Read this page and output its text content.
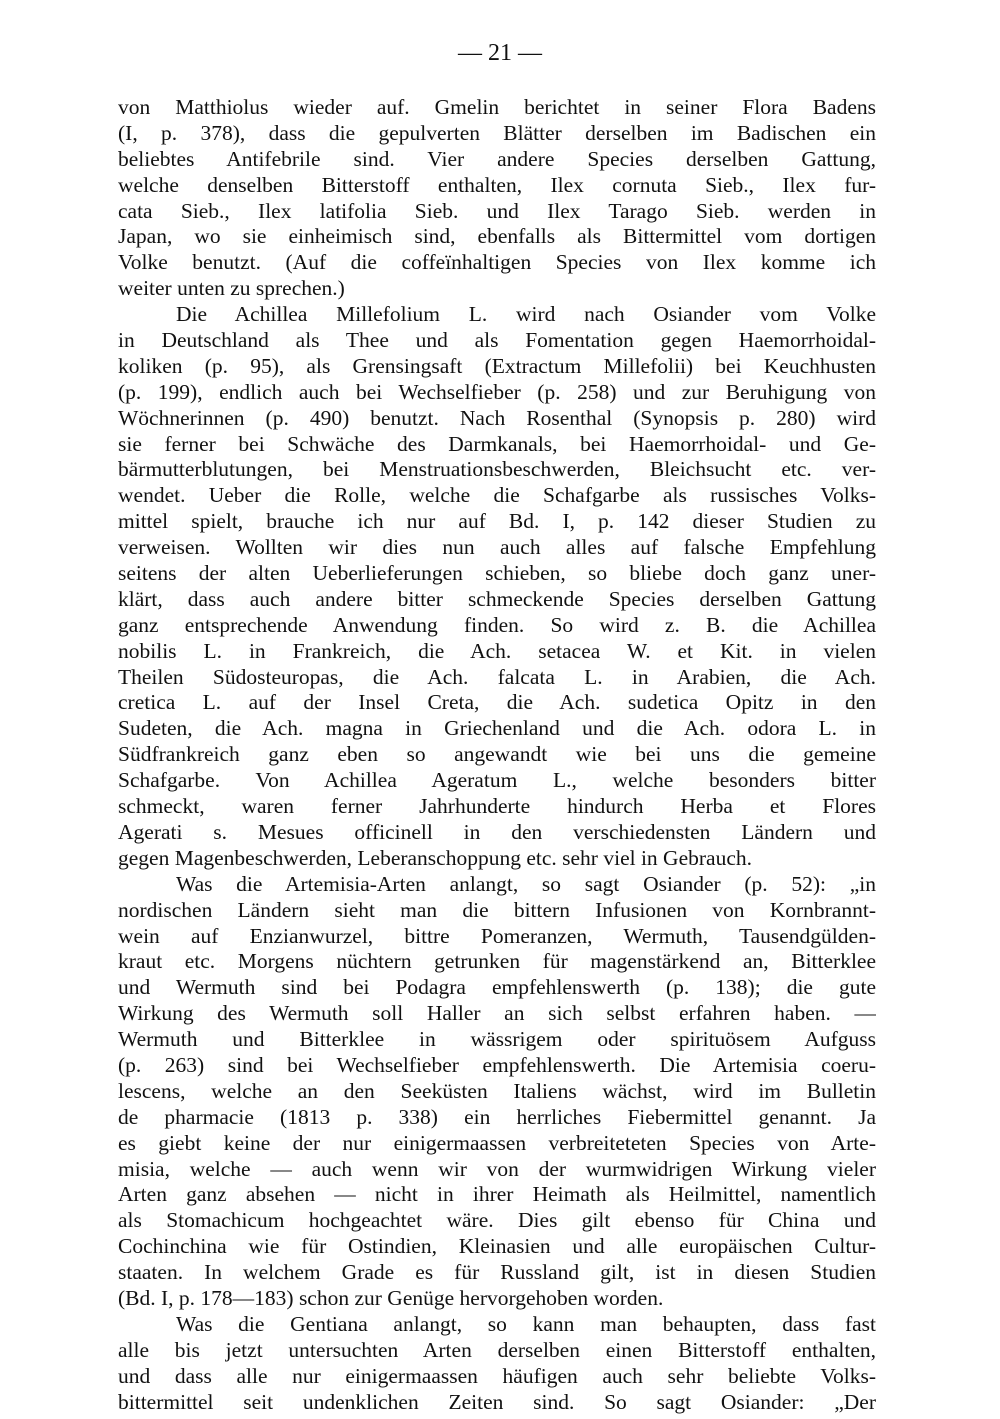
— 21 —
von Matthiolus wieder auf. Gmelin berichtet in seiner Flora Badens
(I, p. 378), dass die gepulverten Blätter derselben im Badischen ein
beliebtes Antifebrile sind. Vier andere Species derselben Gattung,
welche denselben Bitterstoff enthalten, Ilex cornuta Sieb., Ilex fur-
cata Sieb., Ilex latifolia Sieb. und Ilex Tarago Sieb. werden in
Japan, wo sie einheimisch sind, ebenfalls als Bittermittel vom dortigen
Volke benutzt. (Auf die coffeïnhaltigen Species von Ilex komme ich
weiter unten zu sprechen.)
Die Achillea Millefolium L. wird nach Osiander vom Volke
in Deutschland als Thee und als Fomentation gegen Haemorrhoidal-
koliken (p. 95), als Grensingsaft (Extractum Millefolii) bei Keuchhusten
(p. 199), endlich auch bei Wechselfieber (p. 258) und zur Beruhigung von
Wöchnerinnen (p. 490) benutzt. Nach Rosenthal (Synopsis p. 280) wird
sie ferner bei Schwäche des Darmkanals, bei Haemorrhoidal- und Ge-
bärmutterblutungen, bei Menstruationsbeschwerden, Bleichsucht etc. ver-
wendet. Ueber die Rolle, welche die Schafgarbe als russisches Volks-
mittel spielt, brauche ich nur auf Bd. I, p. 142 dieser Studien zu
verweisen. Wollten wir dies nun auch alles auf falsche Empfehlung
seitens der alten Ueberlieferungen schieben, so bliebe doch ganz uner-
klärt, dass auch andere bitter schmeckende Species derselben Gattung
ganz entsprechende Anwendung finden. So wird z. B. die Achillea
nobilis L. in Frankreich, die Ach. setacea W. et Kit. in vielen
Theilen Südosteuropas, die Ach. falcata L. in Arabien, die Ach.
cretica L. auf der Insel Creta, die Ach. sudetica Opitz in den
Sudeten, die Ach. magna in Griechenland und die Ach. odora L. in
Südfrankreich ganz eben so angewandt wie bei uns die gemeine
Schafgarbe. Von Achillea Ageratum L., welche besonders bitter
schmeckt, waren ferner Jahrhunderte hindurch Herba et Flores
Agerati s. Mesues officinell in den verschiedensten Ländern und
gegen Magenbeschwerden, Leberanschoppung etc. sehr viel in Gebrauch.
Was die Artemisia-Arten anlangt, so sagt Osiander (p. 52): „in
nordischen Ländern sieht man die bittern Infusionen von Kornbrannt-
wein auf Enzianwurzel, bittre Pomeranzen, Wermuth, Tausendgülden-
kraut etc. Morgens nüchtern getrunken für magenstärkend an, Bitterklee
und Wermuth sind bei Podagra empfehlenswerth (p. 138); die gute
Wirkung des Wermuth soll Haller an sich selbst erfahren haben. —
Wermuth und Bitterklee in wässrigem oder spirituösem Aufguss
(p. 263) sind bei Wechselfieber empfehlenswerth. Die Artemisia coeru-
lescens, welche an den Seeküsten Italiens wächst, wird im Bulletin
de pharmacie (1813 p. 338) ein herrliches Fiebermittel genannt. Ja
es giebt keine der nur einigermaassen verbreiteteten Species von Arte-
misia, welche — auch wenn wir von der wurmwidrigen Wirkung vieler
Arten ganz absehen — nicht in ihrer Heimath als Heilmittel, namentlich
als Stomachicum hochgeachtet wäre. Dies gilt ebenso für China und
Cochinchina wie für Ostindien, Kleinasien und alle europäischen Cultur-
staaten. In welchem Grade es für Russland gilt, ist in diesen Studien
(Bd. I, p. 178—183) schon zur Genüge hervorgehoben worden.
Was die Gentiana anlangt, so kann man behaupten, dass fast
alle bis jetzt untersuchten Arten derselben einen Bitterstoff enthalten,
und dass alle nur einigermaassen häufigen auch sehr beliebte Volks-
bittermittel seit undenklichen Zeiten sind. So sagt Osiander: „Der
